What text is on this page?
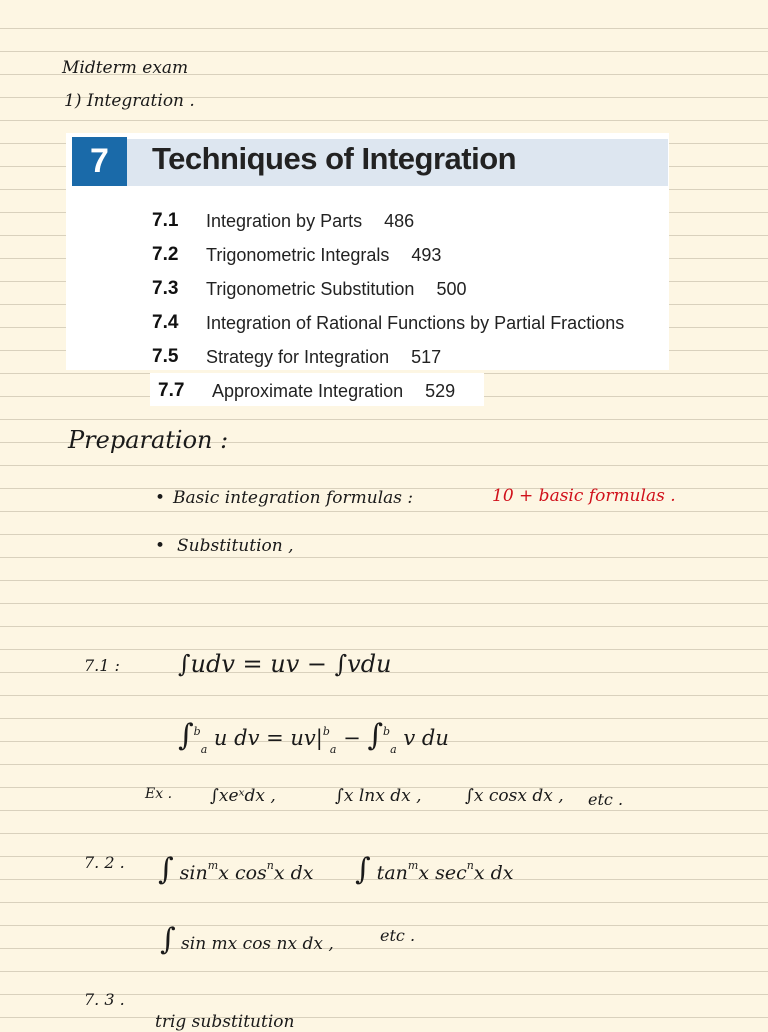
Midterm exam
1) Integration .
7	Techniques of Integration
7.1	Integration by Parts 486
7.2	Trigonometric Integrals 493
7.3	Trigonometric Substitution 500
7.4	Integration of Rational Functions by Partial Fractions
7.5	Strategy for Integration 517
7.7	Approximate Integration 529
Preparation :
• Basic integration formulas :	10 + basic formulas .
• Substitution ,
7.1 : ∫udv = uv − ∫vdu
∫$^b_a$ u dv = $uv|^b_a - \int^b_a$ v du
Ex . ∫xeˣdx ,	∫x lnx dx ,	∫x cosx dx , etc .
7. 2 . ∫ $\sin^mx$ $\cos^nx$ dx ∫ $\tan^mx$ $\sec^nx$ dx
∫ sin mx cos nx dx ,	etc .
7. 3 .
trig substitution
